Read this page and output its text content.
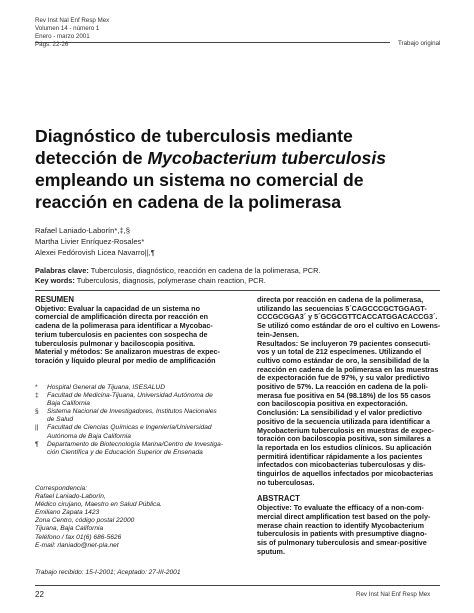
Rev Inst Nal Enf Resp Mex
Volumen 14 - número 1
Enero - marzo 2001
Págs. 22-26	Trabajo original
Diagnóstico de tuberculosis mediante
detección de Mycobacterium tuberculosis
empleando un sistema no comercial de
reacción en cadena de la polimerasa
Rafael Laniado-Laborín*,‡,§
Martha Livier Enríquez-Rosales*
Alexei Fedórovish Licea Navarro||,¶
Palabras clave: Tuberculosis, diagnóstico, reacción en cadena de la polimerasa, PCR.
Key words: Tuberculosis, diagnosis, polymerase chain reaction, PCR.
RESUMEN
Objetivo: Evaluar la capacidad de un sistema no
comercial de amplificación directa por reacción en
cadena de la polimerasa para identificar a Mycobac-
terium tuberculosis en pacientes con sospecha de
tuberculosis pulmonar y baciloscopia positiva.
Material y métodos: Se analizaron muestras de expec-
toración y líquido pleural por medio de amplificación
*	Hospital General de Tijuana, ISESALUD
‡	Facultad de Medicina-Tijuana, Universidad Autónoma de
Baja California
§	Sistema Nacional de Investigadores, Institutos Nacionales
de Salud
||	Facultad de Ciencias Químicas e Ingeniería/Universidad
Autónoma de Baja California
¶	Departamento de Biotecnología Marina/Centro de Investiga-
ción Científica y de Educación Superior de Ensenada
Correspondencia:
Rafael Laniado-Laborín,
Médico cirujano, Maestro en Salud Pública.
Emiliano Zapata 1423
Zona Centro, código postal 22000
Tijuana, Baja California
Teléfono / fax 01(6) 686-5626
E-mail: rlaniado@net-pla.net
Trabajo recibido: 15-I-2001; Aceptado: 27-III-2001
directa por reacción en cadena de la polimerasa,
utilizando las secuencias 5´CAGCCCGCTGGAGT-
CCCGCGGA3´ y 5´GCGCGTTCACCATGGACACCG3´.
Se utilizó como estándar de oro el cultivo en Lowens-
tein-Jensen.
Resultados: Se incluyeron 79 pacientes consecuti-
vos y un total de 212 especímenes. Utilizando el
cultivo como estándar de oro, la sensibilidad de la
reacción en cadena de la polimerasa en las muestras
de expectoración fue de 97%, y su valor predictivo
positivo de 57%. La reacción en cadena de la poli-
merasa fue positiva en 54 (98.18%) de los 55 casos
con baciloscopia positiva en expectoración.
Conclusión: La sensibilidad y el valor predictivo
positivo de la secuencia utilizada para identificar a
Mycobacterium tuberculosis en muestras de expec-
toración con baciloscopia positiva, son similares a
la reportada en los estudios clínicos. Su aplicación
permitirá identificar rápidamente a los pacientes
infectados con micobacterias tuberculosas y dis-
tinguirlos de aquellos infectados por micobacterias
no tuberculosas.
ABSTRACT
Objective: To evaluate the efficacy of a non-com-
mercial direct amplification test based on the poly-
merase chain reaction to identify Mycobacterium
tuberculosis in patients with presumptive diagno-
sis of pulmonary tuberculosis and smear-positive
sputum.
22	Rev Inst Nal Enf Resp Mex
